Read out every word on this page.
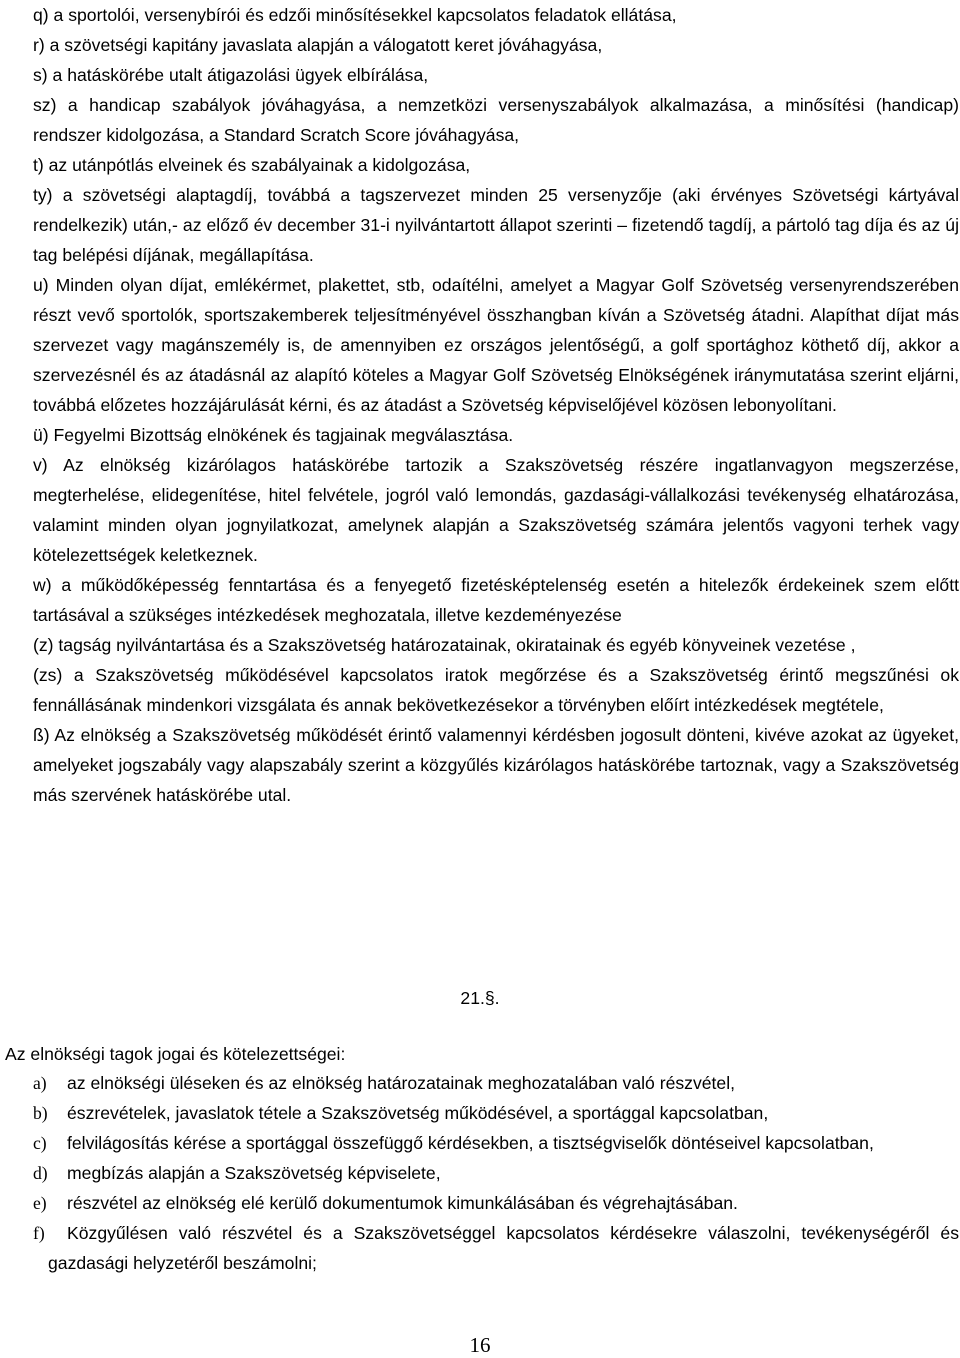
q) a sportolói, versenybírói és edzői minősítésekkel kapcsolatos feladatok ellátása,

r) a szövetségi kapitány javaslata alapján a válogatott keret jóváhagyása,

s) a hatáskörébe utalt átigazolási ügyek elbírálása,

sz) a handicap szabályok jóváhagyása, a nemzetközi versenyszabályok alkalmazása, a minősítési (handicap) rendszer kidolgozása, a Standard Scratch Score jóváhagyása,

t) az utánpótlás elveinek és szabályainak a kidolgozása,

ty) a szövetségi alaptagdíj, továbbá a tagszervezet minden 25 versenyzője (aki érvényes Szövetségi kártyával rendelkezik) után,- az előző év december 31-i nyilvántartott állapot szerinti – fizetendő tagdíj, a pártoló tag díja és az új tag belépési díjának, megállapítása.

u) Minden olyan díjat, emlékérmet, plakettet, stb, odaítélni, amelyet a Magyar Golf Szövetség versenyrendszerében részt vevő sportolók, sportszakemberek teljesítményével összhangban kíván a Szövetség átadni. Alapíthat díjat más szervezet vagy magánszemély is, de amennyiben ez országos jelentőségű, a golf sportághoz köthető díj, akkor a szervezésnél és az átadásnál az alapító köteles a Magyar Golf Szövetség Elnökségének iránymutatása szerint eljárni, továbbá előzetes hozzájárulását kérni, és az átadást a Szövetség képviselőjével közösen lebonyolítani.

ü) Fegyelmi Bizottság elnökének és tagjainak megválasztása.

v) Az elnökség kizárólagos hatáskörébe tartozik a Szakszövetség részére ingatlanvagyon megszerzése, megterhelése, elidegenítése, hitel felvétele, jogról való lemondás, gazdasági-vállalkozási tevékenység elhatározása, valamint minden olyan jognyilatkozat, amelynek alapján a Szakszövetség számára jelentős vagyoni terhek vagy kötelezettségek keletkeznek.

w) a működőképesség fenntartása és a fenyegető fizetésképtelenség esetén a hitelezők érdekeinek szem előtt tartásával a szükséges intézkedések meghozatala, illetve kezdeményezése

(z) tagság nyilvántartása és a Szakszövetség határozatainak, okiratainak és egyéb könyveinek vezetése ,

(zs) a Szakszövetség működésével kapcsolatos iratok megőrzése és a Szakszövetség érintő megszűnési ok fennállásának mindenkori vizsgálata és annak bekövetkezésekor a törvényben előírt intézkedések megtétele,

ß) Az elnökség a Szakszövetség működését érintő valamennyi kérdésben jogosult dönteni, kivéve azokat az ügyeket, amelyeket jogszabály vagy alapszabály szerint a közgyűlés kizárólagos hatáskörébe tartoznak, vagy a Szakszövetség más szervének hatáskörébe utal.

21.§.

Az elnökségi tagok jogai és kötelezettségei:

a) az elnökségi üléseken és az elnökség határozatainak meghozatalában való részvétel,
b) észrevételek, javaslatok tétele a Szakszövetség működésével, a sportággal kapcsolatban,
c) felvilágosítás kérése a sportággal összefüggő kérdésekben, a tisztségviselők döntéseivel kapcsolatban,
d) megbízás alapján a Szakszövetség képviselete,
e) részvétel az elnökség elé kerülő dokumentumok kimunkálásában és végrehajtásában.
f) Közgyűlésen való részvétel és a Szakszövetséggel kapcsolatos kérdésekre válaszolni, tevékenységéről és gazdasági helyzetéről beszámolni;
16
